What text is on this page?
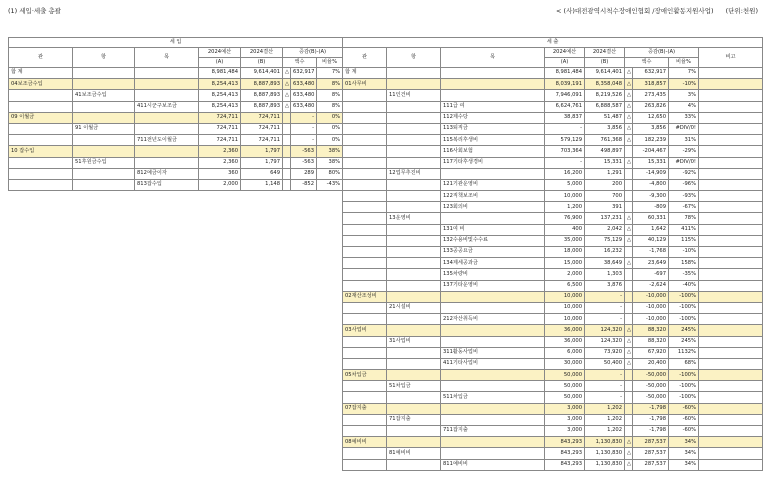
(1) 세입·세출 총괄	< (사)대전광역시척수장애인협회 /장애인활동지원사업) (단위:천원)
세 입							
관	항	목	2024예산	2024결산	증감(B)-(A)		
			(A)	(B)	액수		비율%
합 계			8,981,484	9,614,401	△	632,917	7%
04보조금수입			8,254,413	8,887,893	△	633,480	8%
	41보조금수입		8,254,413	8,887,893	△	633,480	8%
		411시군구보조금	8,254,413	8,887,893	△	633,480	8%
09 이월금			724,711	724,711		-	0%
	91 이월금		724,711	724,711		-	0%
		711전년도이월금	724,711	724,711		-	0%
10 잡수입			2,360	1,797		-563	38%
	51후원금수입		2,360	1,797		-563	38%
		812예금이자	360	649		289	80%
		813잡수입	2,000	1,148		-852	-43%
세 출								
관	항	목	2024예산	2024결산	증감(B)-(A)			비고
			(A)	(B)	액수		비율%	
합 계			8,981,484	9,614,401	△	632,917	7%	
01사무비			8,039,191	8,358,048	△	318,857	-10%	
	11인건비		7,946,091	8,219,526	△	273,435	3%	
		111급 여	6,624,761	6,888,587	△	263,826	4%	
		112제수당	38,837	51,487	△	12,650	33%	
		113퇴직금	-	3,856	△	3,856	#DIV/0!	
		115복리후생비	579,129	761,368	△	182,239	31%	
		116사회보험	703,364	498,897		-204,467	-29%	
		117기타후생경비	-	15,331	△	15,331	#DIV/0!	
	12업무추진비		16,200	1,291		-14,909	-92%	
		121기관운영비	5,000	200		-4,800	-96%	
		122직책보조비	10,000	700		-9,300	-93%	
		123회의비	1,200	391		-809	-67%	
	13운영비		76,900	137,231	△	60,331	78%	
		131여 비	400	2,042	△	1,642	411%	
		132수용비및수수료	35,000	75,129	△	40,129	115%	
		133공공요금	18,000	16,232		-1,768	-10%	
		134제세공과금	15,000	38,649	△	23,649	158%	
		135차량비	2,000	1,303		-697	-35%	
		137기타운영비	6,500	3,876		-2,624	-40%	
02재산조성비			10,000	-		-10,000	-100%	
	21시설비		10,000	-		-10,000	-100%	
		212자산취득비	10,000	-		-10,000	-100%	
03사업비			36,000	124,320	△	88,320	245%	
	31사업비		36,000	124,320	△	88,320	245%	
		311활동사업비	6,000	73,920	△	67,920	1132%	
		411기타사업비	30,000	50,400	△	20,400	68%	
05차입금			50,000	-		-50,000	-100%	
	51차입금		50,000	-		-50,000	-100%	
		511차입금	50,000	-		-50,000	-100%	
07잡지출			3,000	1,202		-1,798	-60%	
	71잡지출		3,000	1,202		-1,798	-60%	
		711잡지출	3,000	1,202		-1,798	-60%	
08예비비			843,293	1,130,830	△	287,537	34%	
	81예비비		843,293	1,130,830	△	287,537	34%	
		811예비비	843,293	1,130,830	△	287,537	34%	
